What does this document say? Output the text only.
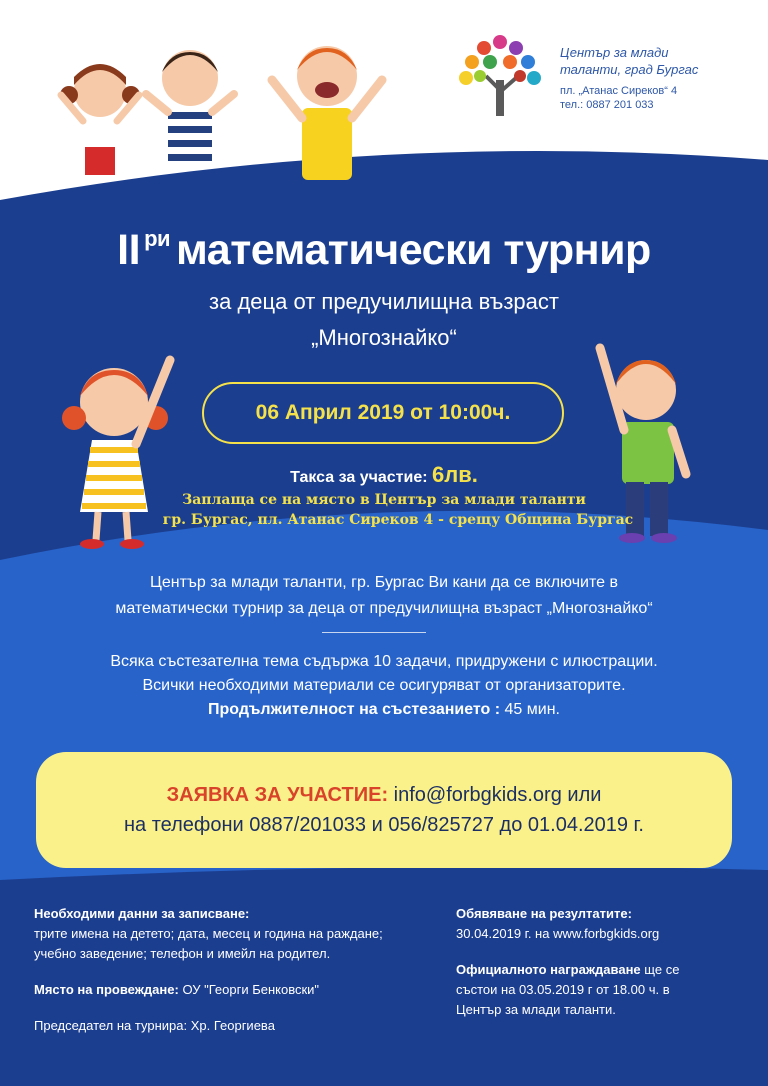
Център за млади
таланти, град Бургас
пл. „Атанас Сиреков“ 4
тел.: 0887 201 033
II $^{ри}$ математически турнир
за деца от предучилищна възраст
„Многознайко“
06 Април 2019 от 10:00ч.
Такса за участие: 6лв.
Заплаща се на място в Център за млади таланти
гр. Бургас, пл. Атанас Сиреков 4 - срещу Община Бургас
Център за млади таланти, гр. Бургас Ви кани да се включите в
математически турнир за деца от предучилищна възраст „Многознайко“
Всяка състезателна тема съдържа 10 задачи, придружени с илюстрации.
Всички необходими материали се осигуряват от организаторите.
Продължителност на състезанието : 45 мин.
ЗАЯВКА ЗА УЧАСТИЕ: info@forbgkids.org или
на телефони 0887/201033 и 056/825727 до 01.04.2019 г.
Необходими данни за записване:
трите имена на детето; дата, месец и година на раждане;
учебно заведение; телефон и имейл на родител.
Място на провеждане: ОУ "Георги Бенковски"
Председател на турнира: Хр. Георгиева
Обявяване на резултатите:
30.04.2019 г. на www.forbgkids.org
Официалното награждаване ще се
състои на 03.05.2019 г от 18.00 ч. в
Център за млади таланти.
